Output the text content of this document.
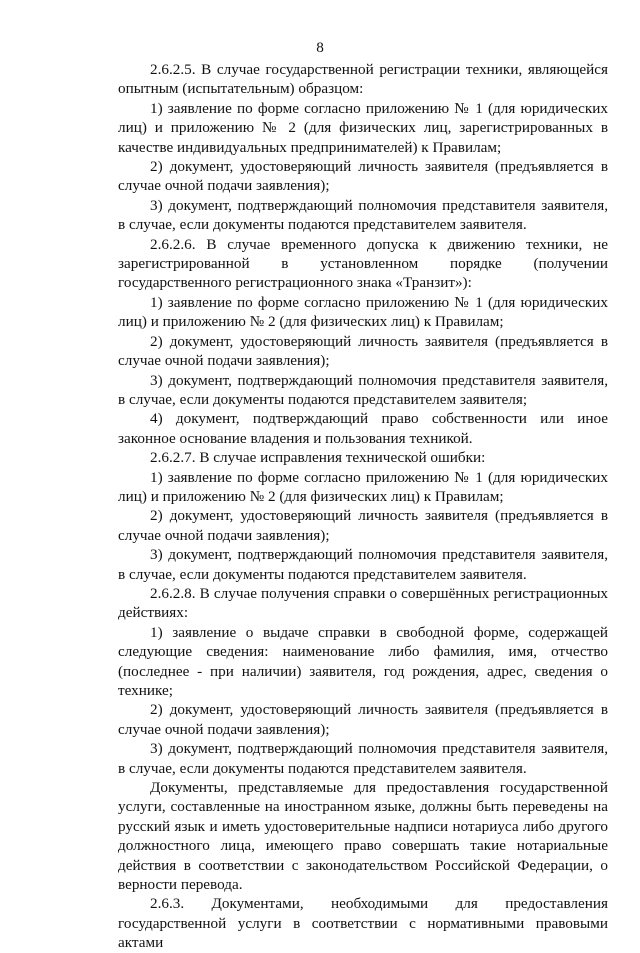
8

2.6.2.5. В случае государственной регистрации техники, являющейся опытным (испытательным) образцом:

1) заявление по форме согласно приложению № 1 (для юридических лиц) и приложению № 2 (для физических лиц, зарегистрированных в качестве индивидуальных предпринимателей) к Правилам;

2) документ, удостоверяющий личность заявителя (предъявляется в случае очной подачи заявления);

3) документ, подтверждающий полномочия представителя заявителя, в случае, если документы подаются представителем заявителя.

2.6.2.6. В случае временного допуска к движению техники, не зарегистрированной в установленном порядке (получении государственного регистрационного знака «Транзит»):

1) заявление по форме согласно приложению № 1 (для юридических лиц) и приложению № 2 (для физических лиц) к Правилам;

2) документ, удостоверяющий личность заявителя (предъявляется в случае очной подачи заявления);

3) документ, подтверждающий полномочия представителя заявителя, в случае, если документы подаются представителем заявителя;

4) документ, подтверждающий право собственности или иное законное основание владения и пользования техникой.

2.6.2.7. В случае исправления технической ошибки:

1) заявление по форме согласно приложению № 1 (для юридических лиц) и приложению № 2 (для физических лиц) к Правилам;

2) документ, удостоверяющий личность заявителя (предъявляется в случае очной подачи заявления);

3) документ, подтверждающий полномочия представителя заявителя, в случае, если документы подаются представителем заявителя.

2.6.2.8. В случае получения справки о совершённых регистрационных действиях:

1) заявление о выдаче справки в свободной форме, содержащей следующие сведения: наименование либо фамилия, имя, отчество (последнее - при наличии) заявителя, год рождения, адрес, сведения о технике;

2) документ, удостоверяющий личность заявителя (предъявляется в случае очной подачи заявления);

3) документ, подтверждающий полномочия представителя заявителя, в случае, если документы подаются представителем заявителя.

Документы, представляемые для предоставления государственной услуги, составленные на иностранном языке, должны быть переведены на русский язык и иметь удостоверительные надписи нотариуса либо другого должностного лица, имеющего право совершать такие нотариальные действия в соответствии с законодательством Российской Федерации, о верности перевода.

2.6.3. Документами, необходимыми для предоставления государственной услуги в соответствии с нормативными правовыми актами
